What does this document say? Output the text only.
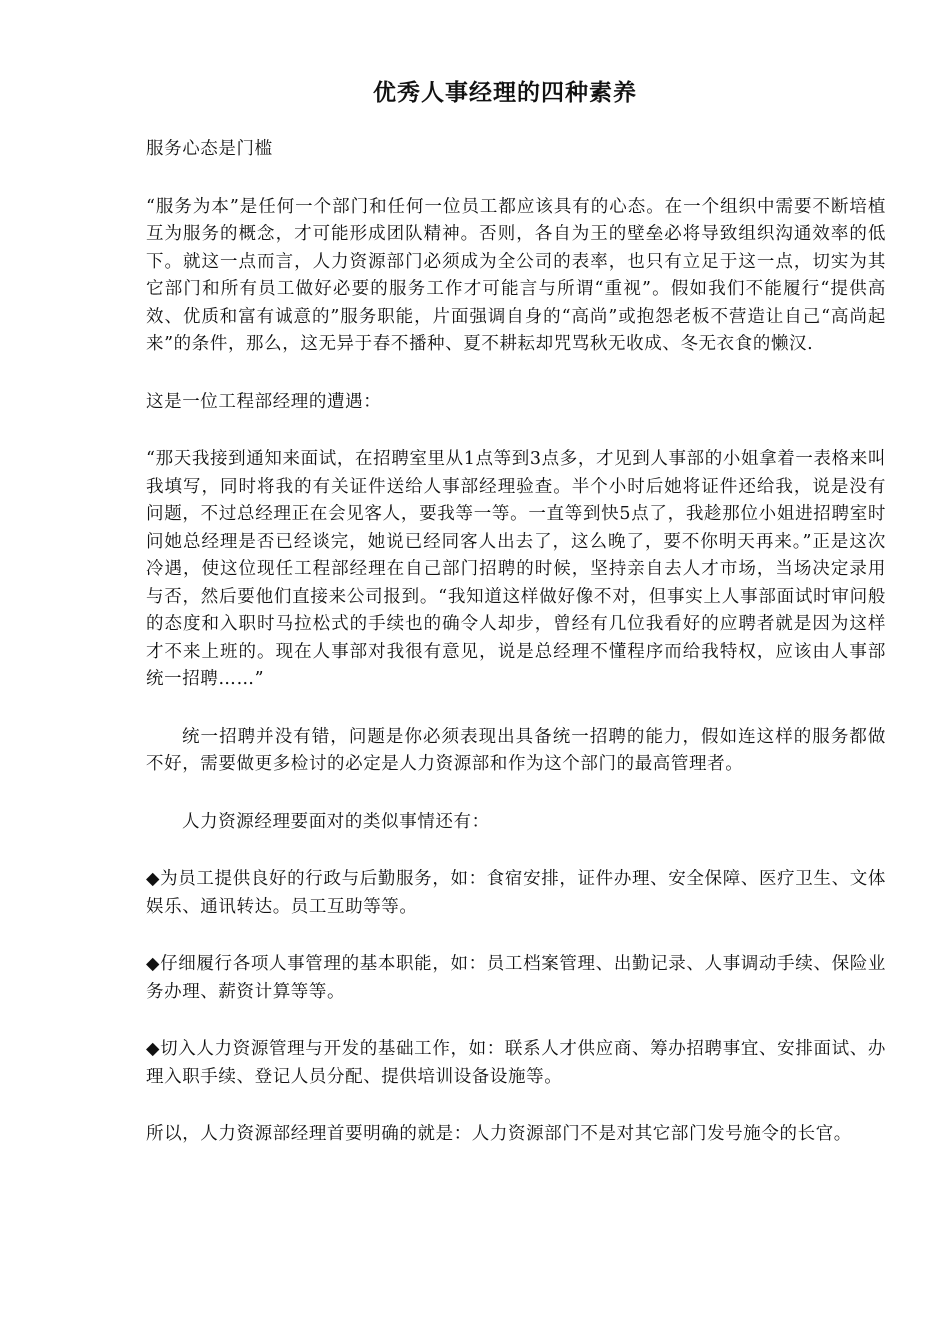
优秀人事经理的四种素养

服务心态是门槛

“服务为本”是任何一个部门和任何一位员工都应该具有的心态。在一个组织中需要不断培植互为服务的概念，才可能形成团队精神。否则，各自为王的壁垒必将导致组织沟通效率的低下。就这一点而言，人力资源部门必须成为全公司的表率，也只有立足于这一点，切实为其它部门和所有员工做好必要的服务工作才可能言与所谓“重视”。假如我们不能履行“提供高效、优质和富有诚意的”服务职能，片面强调自身的“高尚”或抱怨老板不营造让自己“高尚起来”的条件，那么，这无异于春不播种、夏不耕耘却咒骂秋无收成、冬无衣食的懒汉.

这是一位工程部经理的遭遇：

“那天我接到通知来面试，在招聘室里从1点等到3点多，才见到人事部的小姐拿着一表格来叫我填写，同时将我的有关证件送给人事部经理验查。半个小时后她将证件还给我，说是没有问题，不过总经理正在会见客人，要我等一等。一直等到快5点了，我趁那位小姐进招聘室时问她总经理是否已经谈完，她说已经同客人出去了，这么晚了，要不你明天再来。”正是这次冷遇，使这位现任工程部经理在自己部门招聘的时候，坚持亲自去人才市场，当场决定录用与否，然后要他们直接来公司报到。“我知道这样做好像不对，但事实上人事部面试时审问般的态度和入职时马拉松式的手续也的确令人却步，曾经有几位我看好的应聘者就是因为这样才不来上班的。现在人事部对我很有意见，说是总经理不懂程序而给我特权，应该由人事部统一招聘……”

统一招聘并没有错，问题是你必须表现出具备统一招聘的能力，假如连这样的服务都做不好，需要做更多检讨的必定是人力资源部和作为这个部门的最高管理者。

人力资源经理要面对的类似事情还有：

◆为员工提供良好的行政与后勤服务，如：食宿安排，证件办理、安全保障、医疗卫生、文体娱乐、通讯转达。员工互助等等。

◆仔细履行各项人事管理的基本职能，如：员工档案管理、出勤记录、人事调动手续、保险业务办理、薪资计算等等。

◆切入人力资源管理与开发的基础工作，如：联系人才供应商、筹办招聘事宜、安排面试、办理入职手续、登记人员分配、提供培训设备设施等。

所以，人力资源部经理首要明确的就是：人力资源部门不是对其它部门发号施令的长官。
